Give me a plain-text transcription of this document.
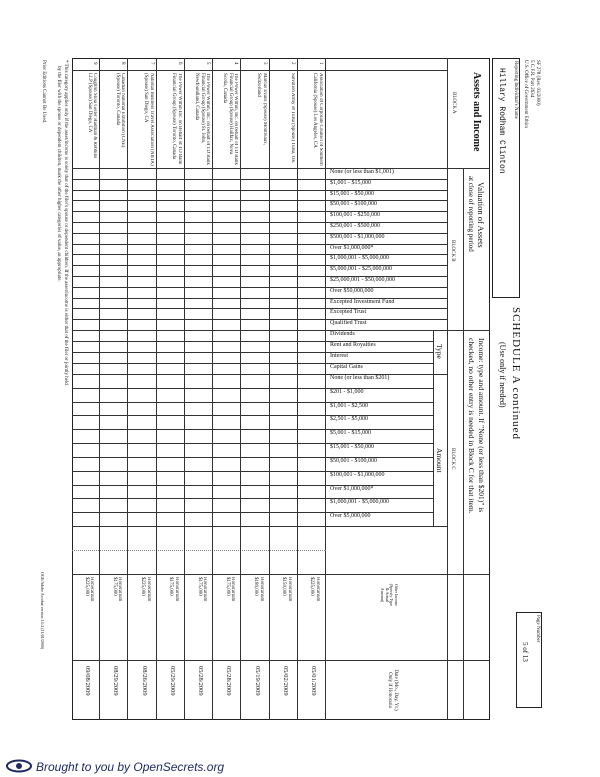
SF 278 (Rev. 03/2000)
5 C.F.R. Part 2634
U.S. Office of Government Ethics
Reporting Individual's Name
Hillary Rodham Clinton
SCHEDULE A continued
(Use only if needed)
Page Number
5 of 13
Assets and Income
BLOCK A
Valuation of Assets
at close of reporting period
BLOCK B
Income: type and amount. If "None (or less than $201)" is
checked, no other entry is needed in Block C for that item.
BLOCK C
Type
Amount
None (or less than $1,001)
$1,001 - $15,000
$15,001 - $50,000
$50,001 - $100,000
$100,001 - $250,000
$250,001 - $500,000
$500,001 - $1,000,000
Over $1,000,000*
$1,000,001 - $5,000,000
$5,000,001 - $25,000,000
$25,000,001 - $50,000,000
Over $50,000,000
Excepted Investment Fund
Excepted Trust
Qualified Trust
Dividends
Rent and Royalties
Interest
Capital Gains
None (or less than $201)
$201 - $1,000
$1,001 - $2,500
$2,501 - $5,000
$5,001 - $15,000
$15,001 - $50,000
$50,001 - $100,000
$100,001 - $1,000,000
Over $1,000,000*
$1,000,001 - $5,000,000
Over $5,000,000
1
Association of Corporate Counsel of Southern California (Spouse) Los Angeles, CA
Honorarium $225,000
05/01/2009
2
Salvation Army of Tulsa (Spouse) Tulsa, OK
Honorarium $150,000
05/02/2009
3
Marcus Evans (Spouse) Montreaux, Switzerland
Honorarium $180,000
05/19/2009
4
The Power Within, Inc. on behalf of TD Bank Financial Group (Spouse) Halifax, Nova Scotia, Canada
Honorarium $175,000
05/28/2009
5
The Power Within, Inc. on behalf of TD Bank Financial Group (Spouse) St. John, Newfoundland, Canada
Honorarium $175,000
05/28/2009
6
The Power Within Inc. on Behalf of TD Bank Financial Group (Spouse) Toronto, Canada
Honorarium $175,000
05/29/2009
7
National Business Travel Association (NBTA) (Spouse) San Diego, CA
Honorarium $225,000
08/26/2009
8
Canadian National Exhibition (CNE) (Spouse) Toronto, Canada
Honorarium $175,000
08/29/2009
9
Coughlin Stoia Geller Rudman & Robbins LLP (Spouse) San Diego, CA
Honorarium $225,000
09/08/2009
Other Income (Specify Type & Actual Amount)
Date (Mo., Day, Yr.) Only if Honoraria
* This category applies only if the asset/income is solely that of the filer's spouse or dependent children. If the asset/income is either that of the filer or jointly held
by the filer with the spouse or dependent children, mark the other higher categories of value, as appropriate.
Prior Editions Cannot Be Used.
OGE/Adobe Acrobat version 1.0.2 (11/01/2000)
Brought to you by OpenSecrets.org
